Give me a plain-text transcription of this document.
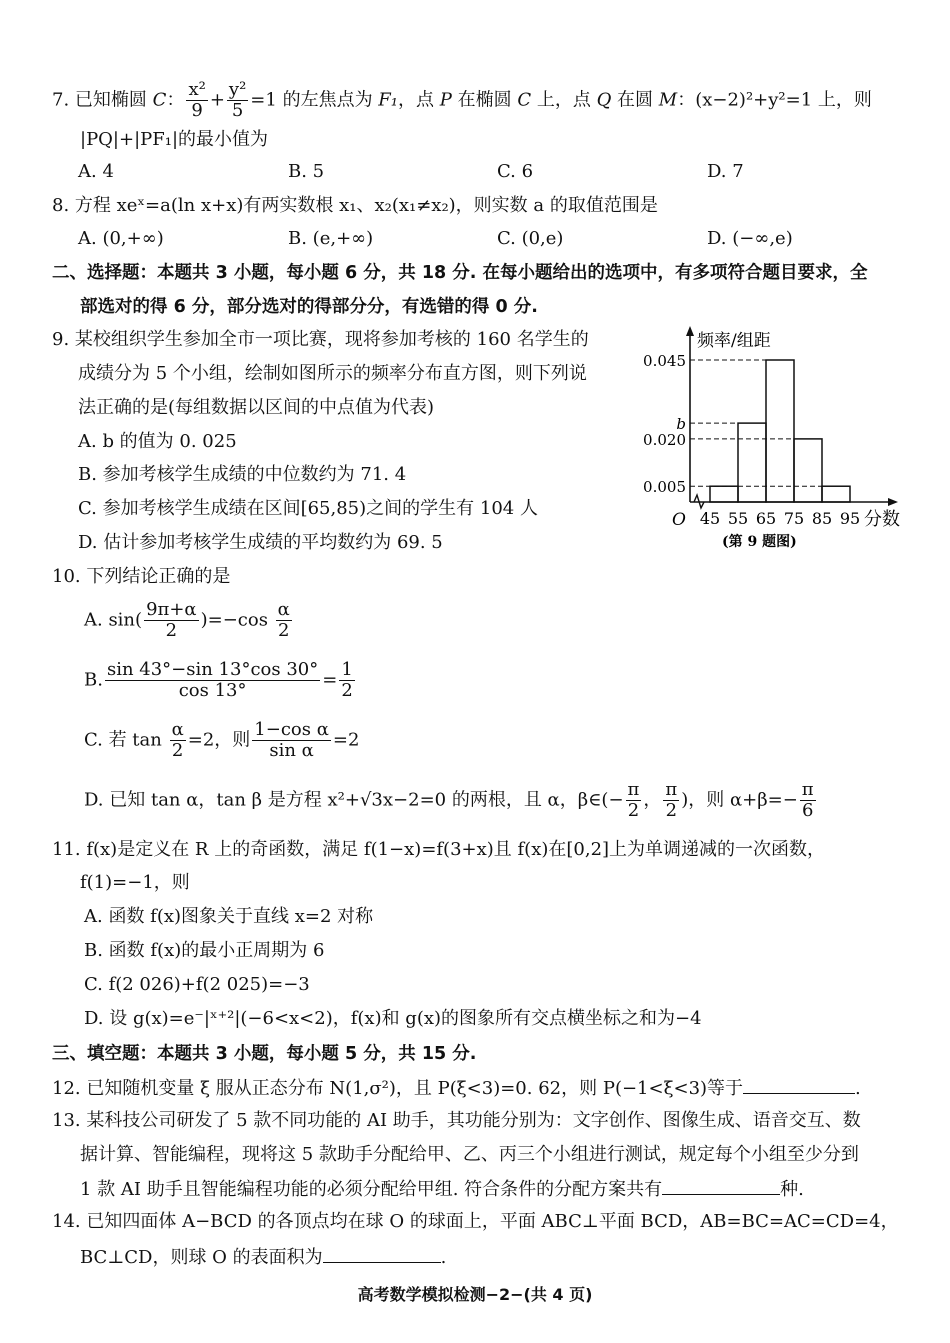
7. 已知椭圆 C： $\frac{\text{x²}}{9} + \frac{\text{y²}}{5} =1$ 的左焦点为 F₁，点 P 在椭圆 C 上，点 Q 在圆 M：(x−2)²+y²=1 上，则
|PQ|+|PF₁|的最小值为
A. 4	B. 5	C. 6	D. 7
8. 方程 xeˣ=a(ln x+x)有两实数根 x₁、x₂(x₁≠x₂)，则实数 a 的取值范围是
A. (0,+∞)	B. (e,+∞)	C. (0,e)	D. (−∞,e)
二、选择题：本题共 3 小题，每小题 6 分，共 18 分. 在每小题给出的选项中，有多项符合题目要求，全
部选对的得 6 分，部分选对的得部分分，有选错的得 0 分.
9. 某校组织学生参加全市一项比赛，现将参加考核的 160 名学生的
成绩分为 5 个小组，绘制如图所示的频率分布直方图，则下列说
法正确的是(每组数据以区间的中点值为代表)
A. b 的值为 0. 025
B. 参加考核学生成绩的中位数约为 71. 4
C. 参加考核学生成绩在区间[65,85)之间的学生有 104 人
D. 估计参加考核学生成绩的平均数约为 69. 5
频率/组距
分数
O
(第 9 题图)
0.005
0.020
b
0.045
45 55 65 75 85 95
10. 下列结论正确的是
A. $\sin( \frac{9\pi+\alpha}{2} )=-\cos \frac{\alpha}{2}$
B. $\frac{\sin 43^\circ-\sin 13^\circ\cos 30^\circ}{\cos 13^\circ} = \frac{1}{2}$
C. 若 $\tan \frac{\alpha}{2} =2$，则 $\frac{\text{1−cos α}}{\text{sin α}} =2$
D. 已知 tan α，tan β 是方程 x²+√3x−2=0 的两根，且 α，β∈(− $\frac{\pi}{2}$ ， $\frac{\pi}{2}$ )，则 $\alpha+\beta=- \frac{\pi}{6}$
11. f(x)是定义在 R 上的奇函数，满足 f(1−x)=f(3+x)且 f(x)在[0,2]上为单调递减的一次函数，
f(1)=−1，则
A. 函数 f(x)图象关于直线 x=2 对称
B. 函数 f(x)的最小正周期为 6
C. f(2 026)+f(2 025)=−3
D. 设 g(x)=e⁻|ˣ⁺²|(−6<x<2)，f(x)和 g(x)的图象所有交点横坐标之和为−4
三、填空题：本题共 3 小题，每小题 5 分，共 15 分.
12. 已知随机变量 ξ 服从正态分布 N(1,σ²)，且 P(ξ<3)=0. 62，则 P(−1<ξ<3)等于	.
13. 某科技公司研发了 5 款不同功能的 AI 助手，其功能分别为：文字创作、图像生成、语音交互、数
据计算、智能编程，现将这 5 款助手分配给甲、乙、丙三个小组进行测试，规定每个小组至少分到
1 款 AI 助手且智能编程功能的必须分配给甲组. 符合条件的分配方案共有	种.
14. 已知四面体 A−BCD 的各顶点均在球 O 的球面上，平面 ABC⊥平面 BCD，AB=BC=AC=CD=4，
BC⊥CD，则球 O 的表面积为	.
高考数学模拟检测−2−(共 4 页)
